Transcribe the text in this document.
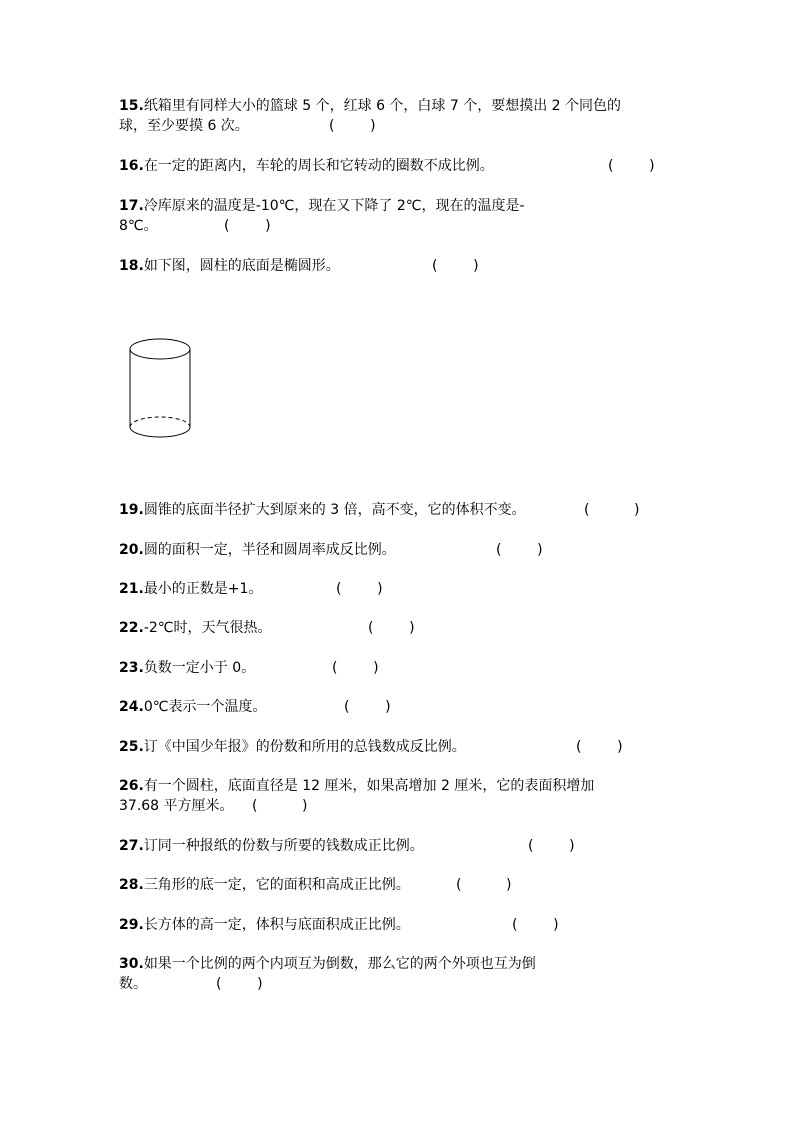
15.纸箱里有同样大小的篮球 5 个，红球 6 个，白球 7 个，要想摸出 2 个同色的
球，至少要摸 6 次。	(        )
16.在一定的距离内，车轮的周长和它转动的圈数不成比例。	(        )
17.冷库原来的温度是-10℃，现在又下降了 2℃，现在的温度是-
8℃。	(        )
18.如下图，圆柱的底面是椭圆形。	(        )
19.圆锥的底面半径扩大到原来的 3 倍，高不变，它的体积不变。	(          )
20.圆的面积一定，半径和圆周率成反比例。	(        )
21.最小的正数是+1。	(        )
22.-2℃时，天气很热。	(        )
23.负数一定小于 0。	(        )
24.0℃表示一个温度。	(        )
25.订《中国少年报》的份数和所用的总钱数成反比例。	(        )
26.有一个圆柱，底面直径是 12 厘米，如果高增加 2 厘米，它的表面积增加
37.68 平方厘米。	(          )
27.订同一种报纸的份数与所要的钱数成正比例。	(        )
28.三角形的底一定，它的面积和高成正比例。	(          )
29.长方体的高一定，体积与底面积成正比例。	(        )
30.如果一个比例的两个内项互为倒数，那么它的两个外项也互为倒
数。	(        )
